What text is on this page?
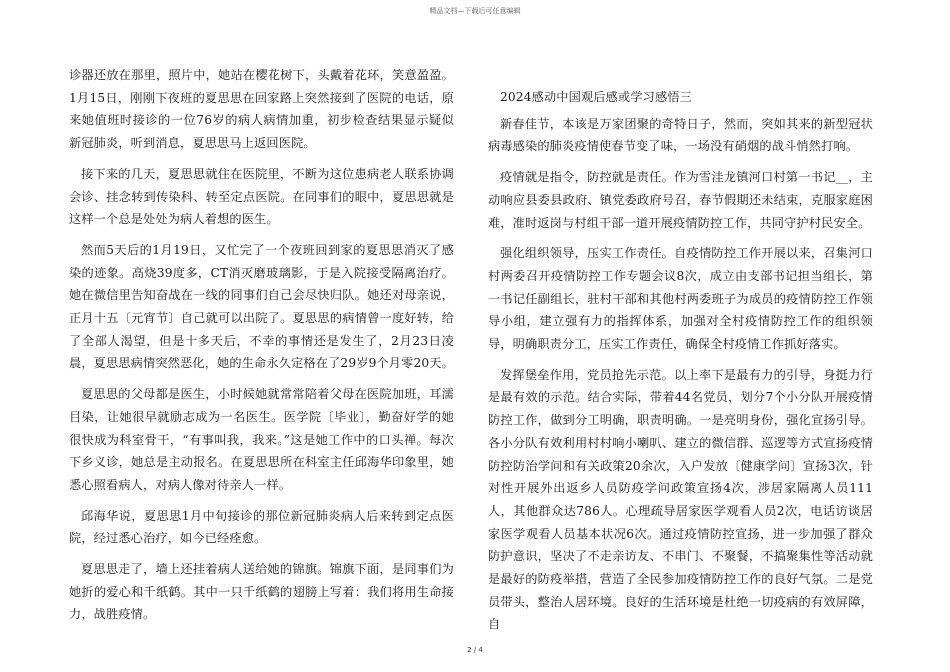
精品文档—下载后可任意编辑

诊器还放在那里，照片中，她站在樱花树下，头戴着花环，笑意盈盈。1月15日，刚刚下夜班的夏思思在回家路上突然接到了医院的电话，原来她值班时接诊的一位76岁的病人病情加重，初步检查结果显示疑似新冠肺炎，听到消息，夏思思马上返回医院。

接下来的几天，夏思思就住在医院里，不断为这位患病老人联系协调会诊、挂念转到传染科、转至定点医院。在同事们的眼中，夏思思就是这样一个总是处处为病人着想的医生。

然而5天后的1月19日，又忙完了一个夜班回到家的夏思思消灭了感染的迹象。高烧39度多，CT消灭磨玻璃影，于是入院接受隔离治疗。她在微信里告知奋战在一线的同事们自己会尽快归队。她还对母亲说，正月十五〔元宵节〕自己就可以出院了。夏思思的病情曾一度好转，给了全部人渴望，但是十多天后，不幸的事情还是发生了，2月23日凌晨，夏思思病情突然恶化，她的生命永久定格在了29岁9个月零20天。

夏思思的父母都是医生，小时候她就常常陪着父母在医院加班，耳濡目染，让她很早就励志成为一名医生。医学院〔毕业〕，勤奋好学的她很快成为科室骨干，“有事叫我，我来。”这是她工作中的口头禅。每次下乡义诊，她总是主动报名。在夏思思所在科室主任邱海华印象里，她悉心照看病人，对病人像对待亲人一样。

邱海华说，夏思思1月中旬接诊的那位新冠肺炎病人后来转到定点医院，经过悉心治疗，如今已经痊愈。

夏思思走了，墙上还挂着病人送给她的锦旗。锦旗下面，是同事们为她折的爱心和千纸鹤。其中一只千纸鹤的翅膀上写着：我们将用生命接力，战胜疫情。

2024感动中国观后感或学习感悟三

新春佳节，本该是万家团聚的奇特日子，然而，突如其来的新型冠状病毒感染的肺炎疫情使春节变了味，一场没有硝烟的战斗悄然打响。

疫情就是指令，防控就是责任。作为雪洼龙镇河口村第一书记__，主动响应县委县政府、镇党委政府号召，春节假期还未结束，克服家庭困难，准时返岗与村组干部一道开展疫情防控工作，共同守护村民安全。

强化组织领导，压实工作责任。自疫情防控工作开展以来，召集河口村两委召开疫情防控工作专题会议8次，成立由支部书记担当组长，第一书记任副组长，驻村干部和其他村两委班子为成员的疫情防控工作领导小组，建立强有力的指挥体系，加强对全村疫情防控工作的组织领导，明确职责分工，压实工作责任，确保全村疫情工作抓好落实。

发挥堡垒作用，党员抢先示范。以上率下是最有力的引导，身挺力行是最有效的示范。结合实际，带着44名党员，划分7个小分队开展疫情防控工作，做到分工明确，职责明确。一是亮明身份，强化宣扬引导。各小分队有效利用村村响小喇叭、建立的微信群、巡逻等方式宣扬疫情防控防治学问和有关政策20余次，入户发放〔健康学问〕宣扬3次，针对性开展外出返乡人员防疫学问政策宣扬4次，涉居家隔离人员111人，其他群众达786人。心理疏导居家医学观看人员2次，电话访谈居家医学观看人员基本状况6次。通过疫情防控宣扬，进一步加强了群众防护意识，坚决了不走亲访友、不串门、不聚餐，不搞聚集性等活动就是最好的防疫举措，营造了全民参加疫情防控工作的良好气氛。二是党员带头，整治人居环境。良好的生活环境是杜绝一切疫病的有效屏障，自

2 / 4
